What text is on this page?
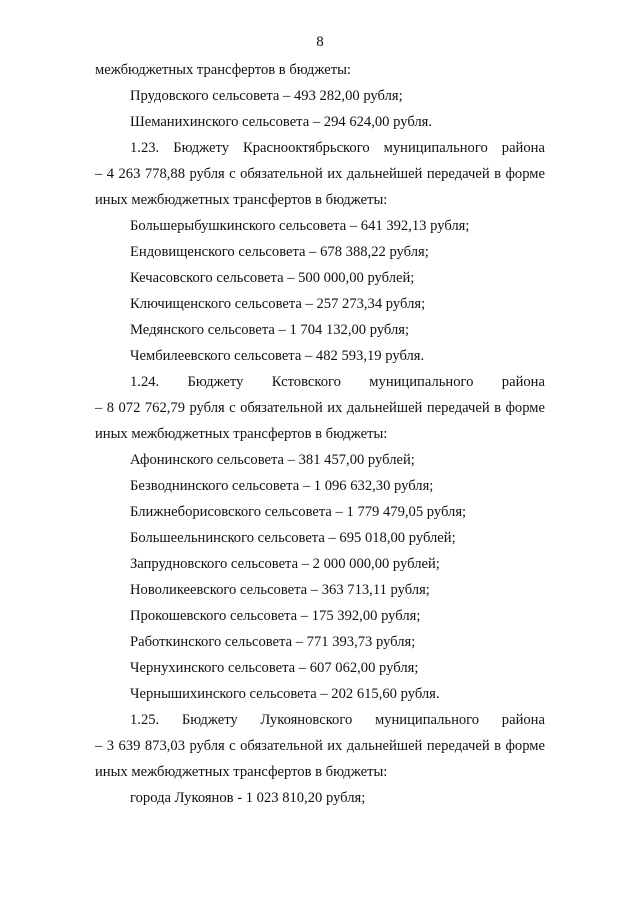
8
межбюджетных трансфертов в бюджеты:
Прудовского сельсовета – 493 282,00 рубля;
Шеманихинского сельсовета – 294 624,00 рубля.
1.23. Бюджету Краснооктябрьского муниципального района
– 4 263 778,88 рубля с обязательной их дальнейшей передачей в форме
иных межбюджетных трансфертов в бюджеты:
Большерыбушкинского сельсовета – 641 392,13 рубля;
Ендовищенского сельсовета – 678 388,22 рубля;
Кечасовского сельсовета – 500 000,00 рублей;
Ключищенского сельсовета – 257 273,34 рубля;
Медянского сельсовета – 1 704 132,00 рубля;
Чембилеевского сельсовета – 482 593,19 рубля.
1.24. Бюджету Кстовского муниципального района
– 8 072 762,79 рубля с обязательной их дальнейшей передачей в форме
иных межбюджетных трансфертов в бюджеты:
Афонинского сельсовета – 381 457,00 рублей;
Безводнинского сельсовета – 1 096 632,30 рубля;
Ближнеборисовского сельсовета – 1 779 479,05 рубля;
Большеельнинского сельсовета – 695 018,00 рублей;
Запрудновского сельсовета – 2 000 000,00 рублей;
Новоликеевского сельсовета – 363 713,11 рубля;
Прокошевского сельсовета – 175 392,00 рубля;
Работкинского сельсовета – 771 393,73 рубля;
Чернухинского сельсовета – 607 062,00 рубля;
Чернышихинского сельсовета – 202 615,60 рубля.
1.25. Бюджету Лукояновского муниципального района
– 3 639 873,03 рубля с обязательной их дальнейшей передачей в форме
иных межбюджетных трансфертов в бюджеты:
города Лукоянов - 1 023 810,20 рубля;
